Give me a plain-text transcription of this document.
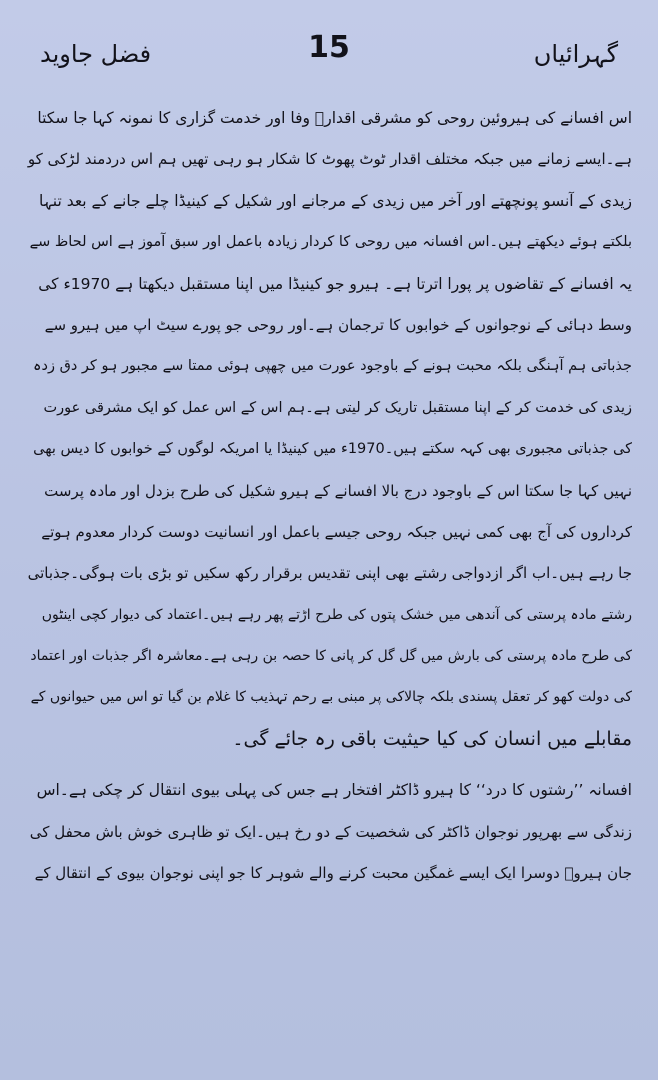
فضل جاوید	15	گہرائیاں
اس افسانے کی ہیروئین روحی کو مشرقی اقدارؔ وفا اور خدمت گزاری کا نمونہ کہا جا سکتا
ہے۔ایسے زمانے میں جبکہ مختلف اقدار ٹوٹ پھوٹ کا شکار ہو رہی تھیں ہم اس دردمند لڑکی کو
زیدی کے آنسو پونچھتے اور آخر میں زیدی کے مرجانے اور شکیل کے کینیڈا چلے جانے کے بعد تنہا
بلکتے ہوئے دیکھتے ہیں۔اس افسانہ میں روحی کا کردار زیادہ باعمل اور سبق آموز ہے اس لحاظ سے
یہ افسانے کے تقاضوں پر پورا اترتا ہے۔ ہیرو جو کینیڈا میں اپنا مستقبل دیکھتا ہے 1970ء کی
وسط دہائی کے نوجوانوں کے خوابوں کا ترجمان ہے۔اور روحی جو پورے سیٹ اپ میں ہیرو سے
جذباتی ہم آہنگی بلکہ محبت ہونے کے باوجود عورت میں چھپی ہوئی ممتا سے مجبور ہو کر دق زدہ
زیدی کی خدمت کر کے اپنا مستقبل تاریک کر لیتی ہے۔ہم اس کے اس عمل کو ایک مشرقی عورت
کی جذباتی مجبوری بھی کہہ سکتے ہیں۔1970ء میں کینیڈا یا امریکہ لوگوں کے خوابوں کا دیس بھی
نہیں کہا جا سکتا اس کے باوجود درج بالا افسانے کے ہیرو شکیل کی طرح بزدل اور مادہ پرست
کرداروں کی آج بھی کمی نہیں جبکہ روحی جیسے باعمل اور انسانیت دوست کردار معدوم ہوتے
جا رہے ہیں۔اب اگر ازدواجی رشتے بھی اپنی تقدیس برقرار رکھ سکیں تو بڑی بات ہوگی۔جذباتی
رشتے مادہ پرستی کی آندھی میں خشک پتوں کی طرح اڑتے پھر رہے ہیں۔اعتماد کی دیوار کچی اینٹوں
کی طرح مادہ پرستی کی بارش میں گل گل کر پانی کا حصہ بن رہی ہے۔معاشرہ اگر جذبات اور اعتماد
کی دولت کھو کر تعقل پسندی بلکہ چالاکی پر مبنی بے رحم تہذیب کا غلام بن گیا تو اس میں حیوانوں کے
مقابلے میں انسان کی کیا حیثیت باقی رہ جائے گی۔
افسانہ ’’رشتوں کا درد‘‘ کا ہیرو ڈاکٹر افتخار ہے جس کی پہلی بیوی انتقال کر چکی ہے۔اس
زندگی سے بھرپور نوجوان ڈاکٹر کی شخصیت کے دو رخ ہیں۔ایک تو ظاہری خوش باش محفل کی
جان ہیروؔ دوسرا ایک ایسے غمگین محبت کرنے والے شوہر کا جو اپنی نوجوان بیوی کے انتقال کے
